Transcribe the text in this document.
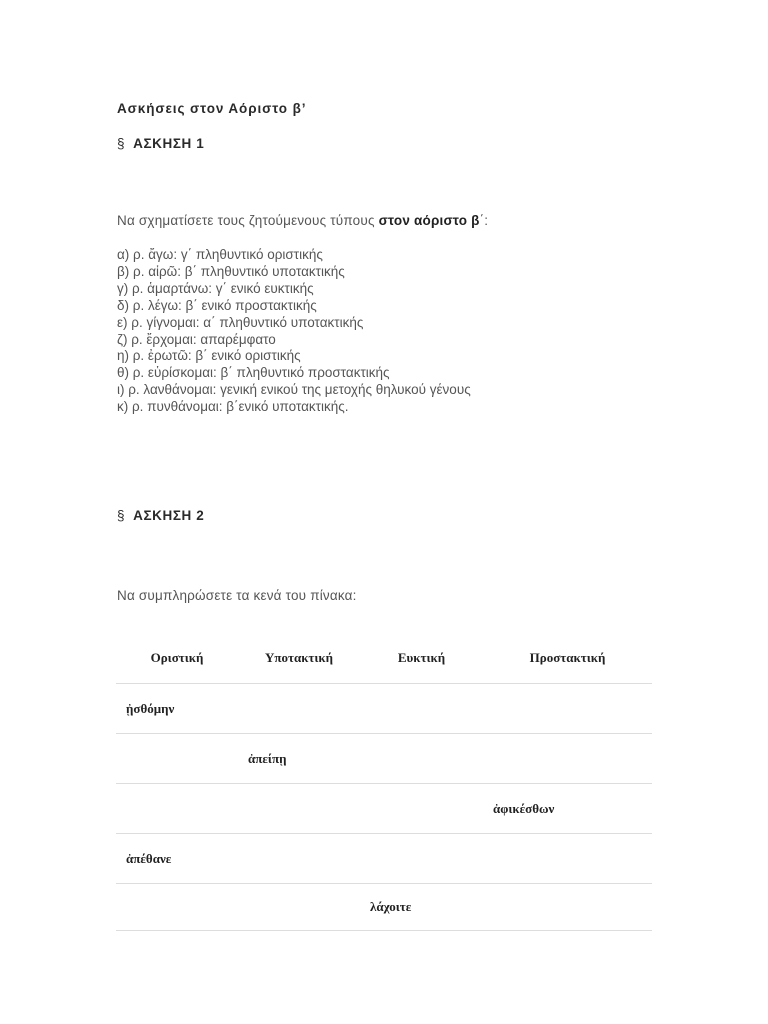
Ασκήσεις στον Αόριστο β’
§ ΑΣΚΗΣΗ 1
Να σχηματίσετε τους ζητούμενους τύπους στον αόριστο β΄:
α) ρ. ἄγω: γ΄ πληθυντικό οριστικής
β) ρ. αἱρῶ: β΄ πληθυντικό υποτακτικής
γ) ρ. ἁμαρτάνω: γ΄ ενικό ευκτικής
δ) ρ. λέγω: β΄ ενικό προστακτικής
ε) ρ. γίγνομαι: α΄ πληθυντικό υποτακτικής
ζ) ρ. ἔρχομαι: απαρέμφατο
η) ρ. ἐρωτῶ: β΄ ενικό οριστικής
θ) ρ. εὑρίσκομαι: β΄ πληθυντικό προστακτικής
ι) ρ. λανθάνομαι: γενική ενικού της μετοχής θηλυκού γένους
κ) ρ. πυνθάνομαι: β΄ενικό υποτακτικής.
§ ΑΣΚΗΣΗ 2
Να συμπληρώσετε τα κενά του πίνακα:
Οριστική	Υποτακτική	Ευκτική	Προστακτική
ᾐσθόμην			
	ἀπείπῃ		
			ἀφικέσθων
ἀπέθανε			
		λάχοιτε	
